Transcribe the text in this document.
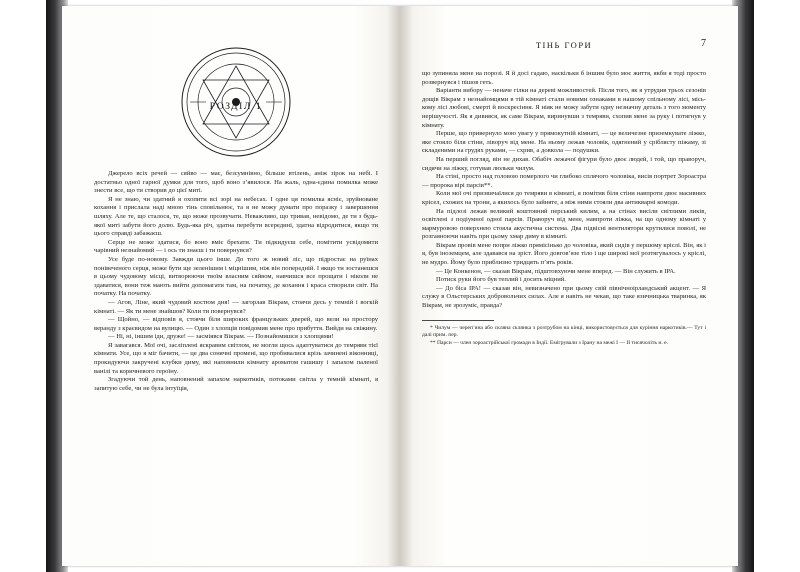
РОЗДІЛ 1

Джерело всіх речей — сяйво — має, безсумнівно, більше втілень, аніж зірок на небі. І достатньо одної гарної думки для того, щоб воно з’явилося. На жаль, одна-єдина помилка може знести все, що ти створив до цієї миті.

Я не знаю, чи здатний я охопити всі зорі на небесах. І одне ця помилка ясніє, зруйноване кохання і прислала наді мною тінь сповільнює, та я не можу думати про поразку і завершення шляху. Але те, що сталося, те, що може прозвучати. Неважливо, що тривав, невідомо, де ти з будь-якої миті забути його долю. Будь-яка річ, здатна перебути всередині, здатна відродитися, якщо ти цього справді забажаєш.

Серце не може здатися, бо воно вміє брехати. Ти підкидуєш себе, помітити усвідомити чарівний незнайомий — і ось ти знаєш і ти повернувся?

Усе буде по-новому. Завжди цього інше. До того ж новий ліс, що підростає на руїнах понівеченого серця, може бути ще зеленішим і міцнішим, ніж він попередній. І якщо ти зостанешся в цьому чудовому місці, витворюючи твоїм власним сяйвом, навчишся все прощати і ніколи не здаватися, вони теж мають вийти допомагати там, на початку, де кохання і краса створили світ. На початку. На початку.

— Агов, Ліне, який чудовий костюм дня! — загорлав Вікрам, стоячи десь у темній і вогкій кімнаті. — Як ти мене знайшов? Коли ти повернувся?

— Щойно, — відповів я, стоячи біля широких французьких дверей, що вели на простору веранду з краєвидом на вулицю. — Один з хлопців повідомив мене про прибуття. Вийди на свіжину.

— Ні, ні, іншим іди, друже! — засміявся Вікрам. — Познайомишся з хлопцями!

Я завагався. Мої очі, засліплені яскравим світлом, не могли щось адаптуватися до темряви тієї кімнати. Усе, що я міг бачити, — це два сонячні промені, що пробивалися крізь зачинені віконниці, прокидуючи закручені клубки диму, які наповнили кімнату ароматом гашишу і запахом паленої ванілі та коричневого героїну.

Згадуючи той день, наповнений запахом наркотиків, потоками світла у темній кімнаті, я запитую себе, чи не була інтуїція,

ТІНЬ ГОРИ	7

що зупиняла мене на порозі. Я й досі гадаю, наскільки б іншим було моє життя, якби я тоді просто розвернувся і пішов геть.

Варіанти вибору — неначе гілки на дереві можливостей. Після того, як я утрудив трьох сезонів дощів Вікрам з незнайомцями в тій кімнаті стали новими ознаками в нашому спільному лісі, місь-кому лісі любові, смерті й воскресіння. Я ніяк не можу забути одну незначну деталь з того моменту нерішучості. Як я дивився, як саме Вікрам, виринувши з темряви, схопив мене за руку і потягнув у кімнату.

Перше, що привернуло мою увагу у прямокутній кімнаті, — це величезне приземкувате ліжко, яке стояло біля стіни, ліворуч від мене. На ньому лежав чоловік, одягнений у сріблясту піжаму, зі складеними на грудях руками, — схрив, а довкола — подушки.

На перший погляд, він не дихав. Обабіч лежачої фігури було двоє людей, і той, що праворуч, сидячи на ліжку, готував люльки чилум.

На стіні, просто над головою померлого чи глибоко сплячого чоловіка, висів портрет Зороастра — пророка вірі парсів**.

Коли мої очі призвичаїлися до темряви в кімнаті, я помітив біля стіни навпроти двоє масивних крісел, схожих на трони, а якихось було зайняте, а між ними стояли два антикварні комоди.

На підлозі лежав великий коштовний перський килим, а на стінах висіли світлими ликів, освітлені з подіумної одної парсів. Праворуч від мене, навпроти ліжка, на що одному кімнаті у мармуровою поверхнею стояла акустична система. Два підвісні вентилятори крутилися поволі, не розгаяноючи навіть при цьому хмар диму в кімнаті.

Вікрам провів мене попри ліжко прямісінько до чоловіка, який сидів у першому кріслі. Він, як і я, був іноземцем, але здавався на зріст. Його довгов’язе тіло і ще широкі мої розтягувалось у кріслі, не мудро. Йому було приблизно тридцять п’ять років.

— Це Конкенон, — сказав Вікрам, підштовхуючи мене вперед. — Він служить в ІРА.

Потиск руки його був теплий і досить міцний.

— До біса ІРА! — сказав він, невизначено при цьому свій північноірландський акцент. — Я служу в Ольстерських добровольчих силах. Але я навіть не чекав, що таке язичницька тваринка, як Вікрам, не зрозуміє, правда?

* Чилум — череп’яна або скляна склянка з розтрубом на кінці, використовується для куріння наркотиків.— Тут і далі прим. пер.

** Парси — член зороастрійської громади в Індії. Емігрували з Ірану на межі I — II тисячоліть н. е.
